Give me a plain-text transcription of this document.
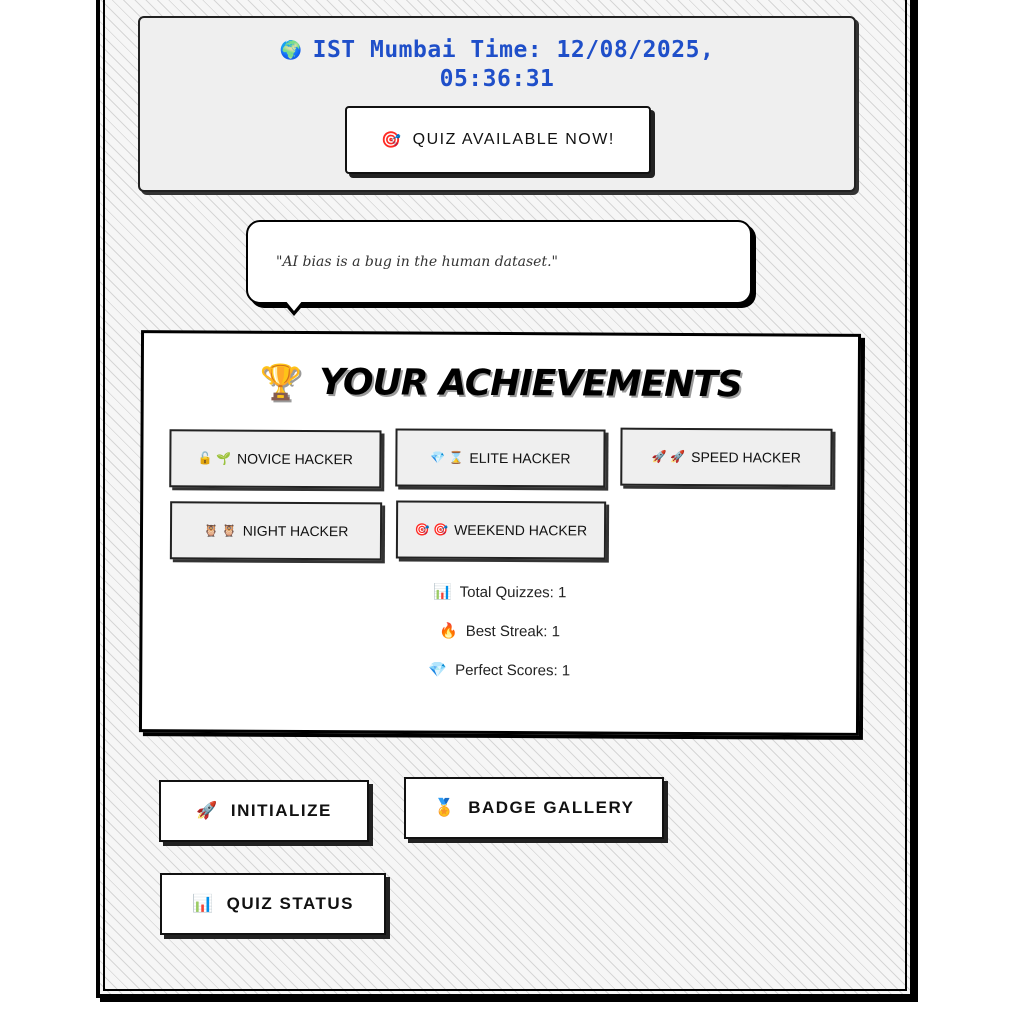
🌍 IST Mumbai Time: 12/08/2025,
05:36:31
🎯 QUIZ AVAILABLE NOW!
"AI bias is a bug in the human dataset."
🏆 YOUR ACHIEVEMENTS
🔓 🌱 NOVICE HACKER	💎 ⌛ ELITE HACKER	🚀 🚀 SPEED HACKER
🦉 🦉 NIGHT HACKER	🎯 🎯 WEEKEND HACKER
📊 Total Quizzes: 1
🔥 Best Streak: 1
💎 Perfect Scores: 1
🚀 INITIALIZE	🏅 BADGE GALLERY
📊 QUIZ STATUS
